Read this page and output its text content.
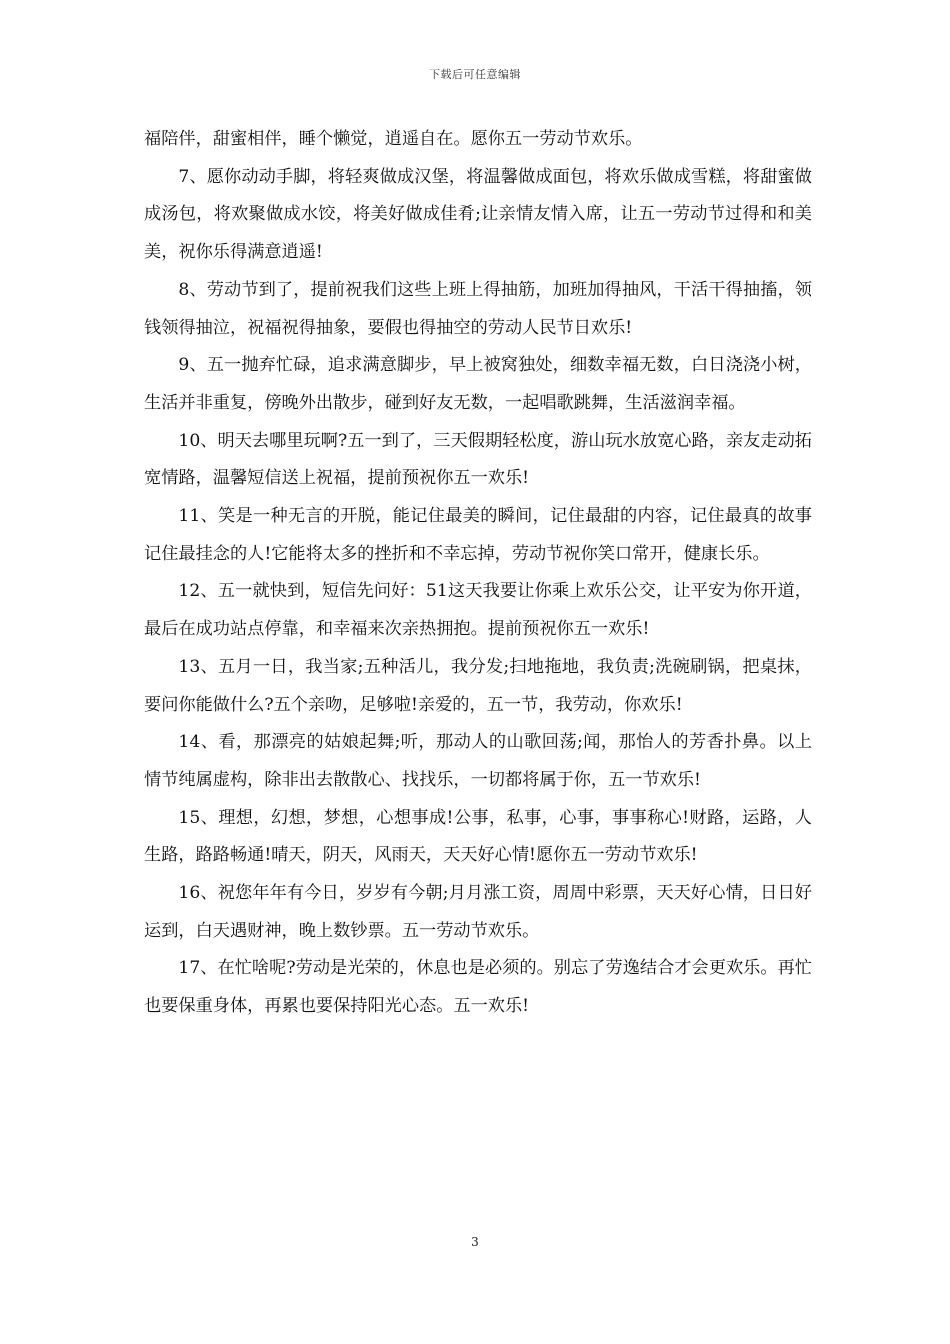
下载后可任意编辑

福陪伴，甜蜜相伴，睡个懒觉，逍遥自在。愿你五一劳动节欢乐。

7、愿你动动手脚，将轻爽做成汉堡，将温馨做成面包，将欢乐做成雪糕，将甜蜜做成汤包，将欢聚做成水饺，将美好做成佳肴;让亲情友情入席，让五一劳动节过得和和美美，祝你乐得满意逍遥!

8、劳动节到了，提前祝我们这些上班上得抽筋，加班加得抽风，干活干得抽搐，领钱领得抽泣，祝福祝得抽象，要假也得抽空的劳动人民节日欢乐!

9、五一抛弃忙碌，追求满意脚步，早上被窝独处，细数幸福无数，白日浇浇小树，生活并非重复，傍晚外出散步，碰到好友无数，一起唱歌跳舞，生活滋润幸福。

10、明天去哪里玩啊?五一到了，三天假期轻松度，游山玩水放宽心路，亲友走动拓宽情路，温馨短信送上祝福，提前预祝你五一欢乐!

11、笑是一种无言的开脱，能记住最美的瞬间，记住最甜的内容，记住最真的故事记住最挂念的人!它能将太多的挫折和不幸忘掉，劳动节祝你笑口常开，健康长乐。

12、五一就快到，短信先问好：51这天我要让你乘上欢乐公交，让平安为你开道，最后在成功站点停靠，和幸福来次亲热拥抱。提前预祝你五一欢乐!

13、五月一日，我当家;五种活儿，我分发;扫地拖地，我负责;洗碗刷锅，把桌抹，要问你能做什么?五个亲吻，足够啦!亲爱的，五一节，我劳动，你欢乐!

14、看，那漂亮的姑娘起舞;听，那动人的山歌回荡;闻，那怡人的芳香扑鼻。以上情节纯属虚构，除非出去散散心、找找乐，一切都将属于你，五一节欢乐!

15、理想，幻想，梦想，心想事成!公事，私事，心事，事事称心!财路，运路，人生路，路路畅通!晴天，阴天，风雨天，天天好心情!愿你五一劳动节欢乐!

16、祝您年年有今日，岁岁有今朝;月月涨工资，周周中彩票，天天好心情，日日好运到，白天遇财神，晚上数钞票。五一劳动节欢乐。

17、在忙啥呢?劳动是光荣的，休息也是必须的。别忘了劳逸结合才会更欢乐。再忙也要保重身体，再累也要保持阳光心态。五一欢乐!

3
